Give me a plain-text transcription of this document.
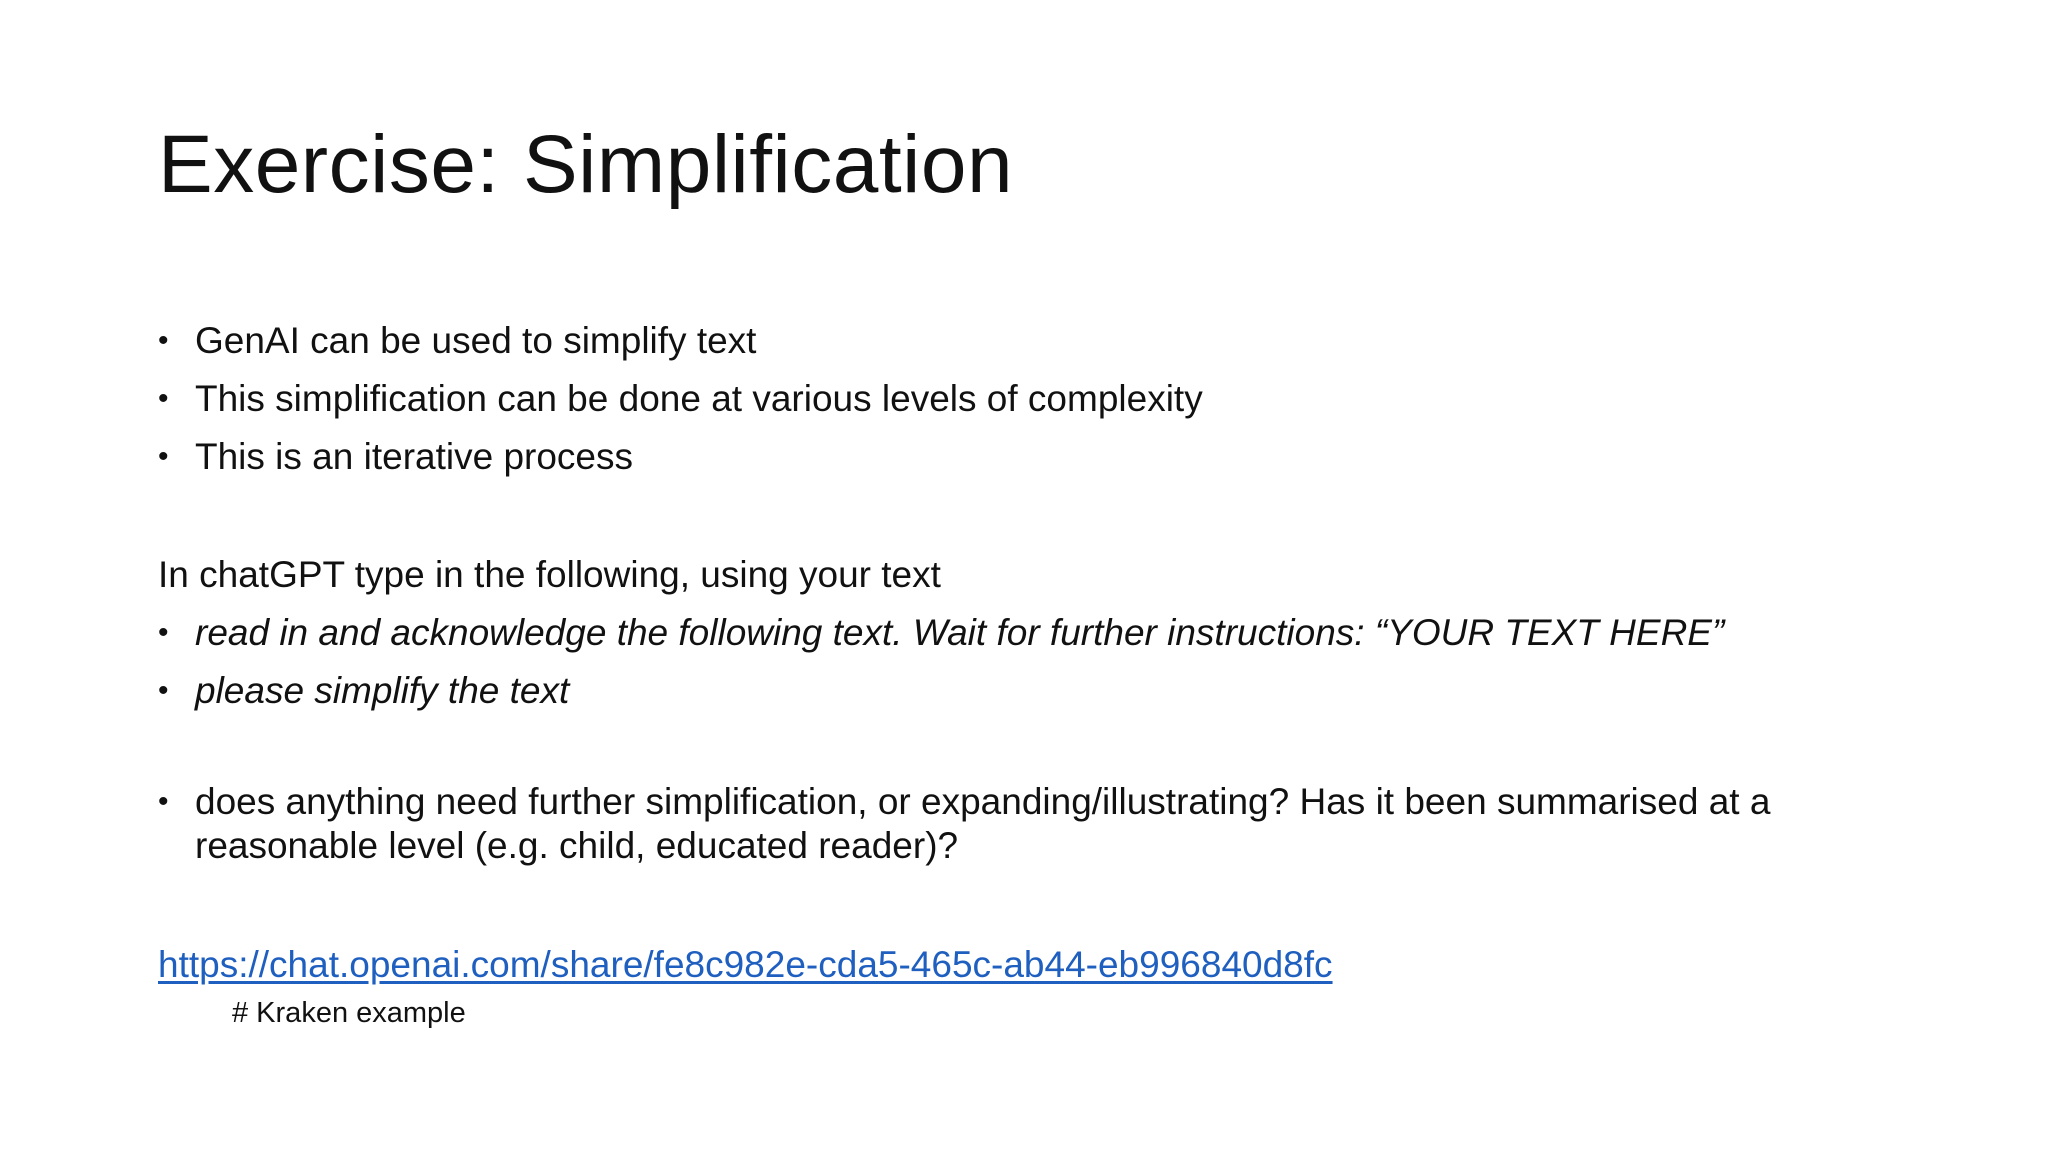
Exercise: Simplification
• GenAI can be used to simplify text
• This simplification can be done at various levels of complexity
• This is an iterative process

In chatGPT type in the following, using your text

• read in and acknowledge the following text. Wait for further instructions: “YOUR TEXT HERE”
• please simplify the text
• does anything need further simplification, or expanding/illustrating? Has it been summarised at a reasonable level (e.g. child, educated reader)?
https://chat.openai.com/share/fe8c982e-cda5-465c-ab44-eb996840d8fc
# Kraken example
